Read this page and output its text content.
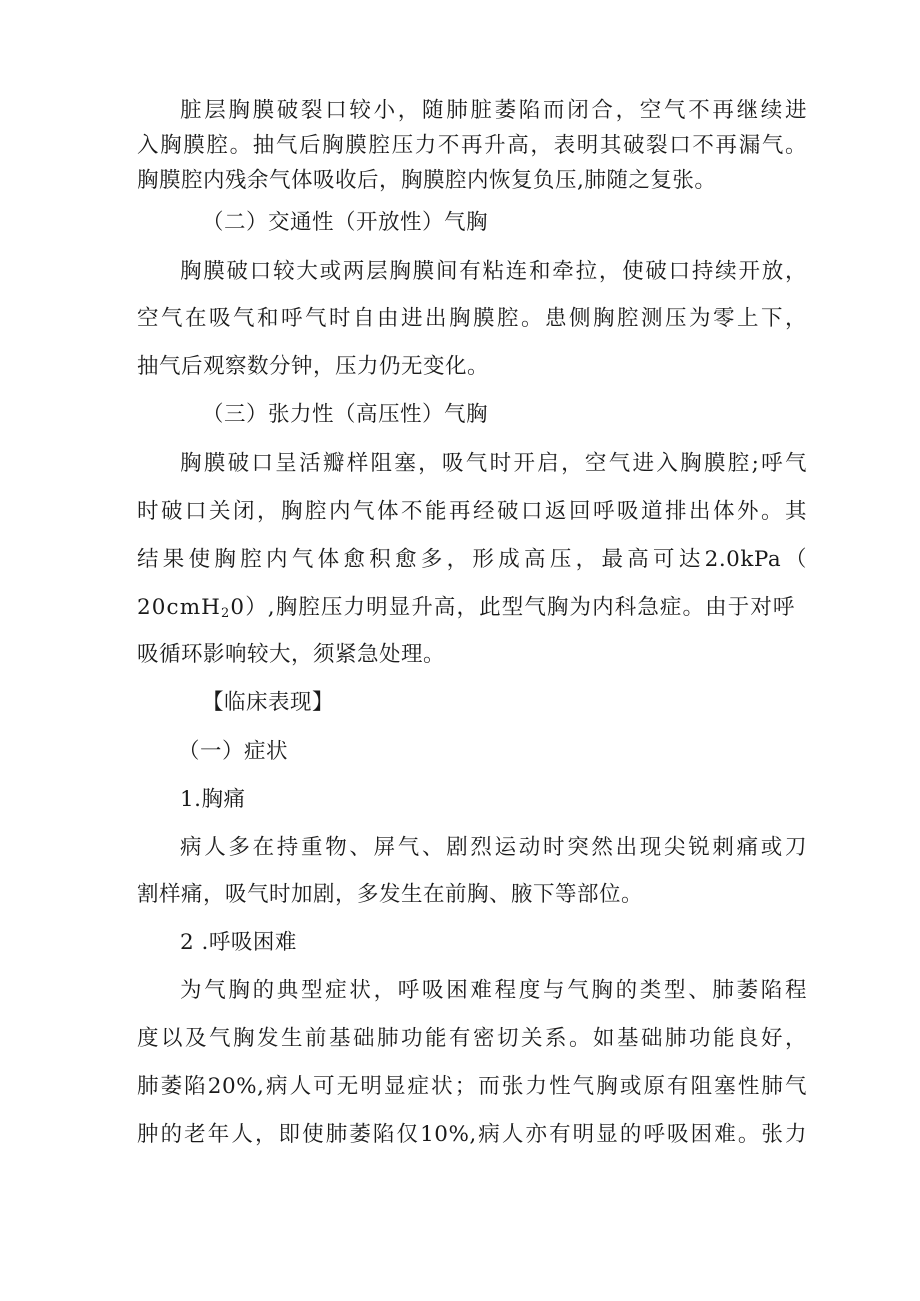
脏层胸膜破裂口较小，随肺脏萎陷而闭合，空气不再继续进
入胸膜腔。抽气后胸膜腔压力不再升高，表明其破裂口不再漏气。
胸膜腔内残余气体吸收后，胸膜腔内恢复负压,肺随之复张。
（二）交通性（开放性）气胸
胸膜破口较大或两层胸膜间有粘连和牵拉，使破口持续开放，
空气在吸气和呼气时自由进出胸膜腔。患侧胸腔测压为零上下，
抽气后观察数分钟，压力仍无变化。
（三）张力性（高压性）气胸
胸膜破口呈活瓣样阻塞，吸气时开启，空气进入胸膜腔;呼气
时破口关闭，胸腔内气体不能再经破口返回呼吸道排出体外。其
结果使胸腔内气体愈积愈多，形成高压，最高可达2.0kPa（
20cmH$_2$0）,胸腔压力明显升高，此型气胸为内科急症。由于对呼
吸循环影响较大，须紧急处理。
【临床表现】
（一）症状
1.胸痛
病人多在持重物、屏气、剧烈运动时突然出现尖锐刺痛或刀
割样痛，吸气时加剧，多发生在前胸、腋下等部位。
2 .呼吸困难
为气胸的典型症状，呼吸困难程度与气胸的类型、肺萎陷程
度以及气胸发生前基础肺功能有密切关系。如基础肺功能良好，
肺萎陷20%,病人可无明显症状；而张力性气胸或原有阻塞性肺气
肿的老年人，即使肺萎陷仅10%,病人亦有明显的呼吸困难。张力
